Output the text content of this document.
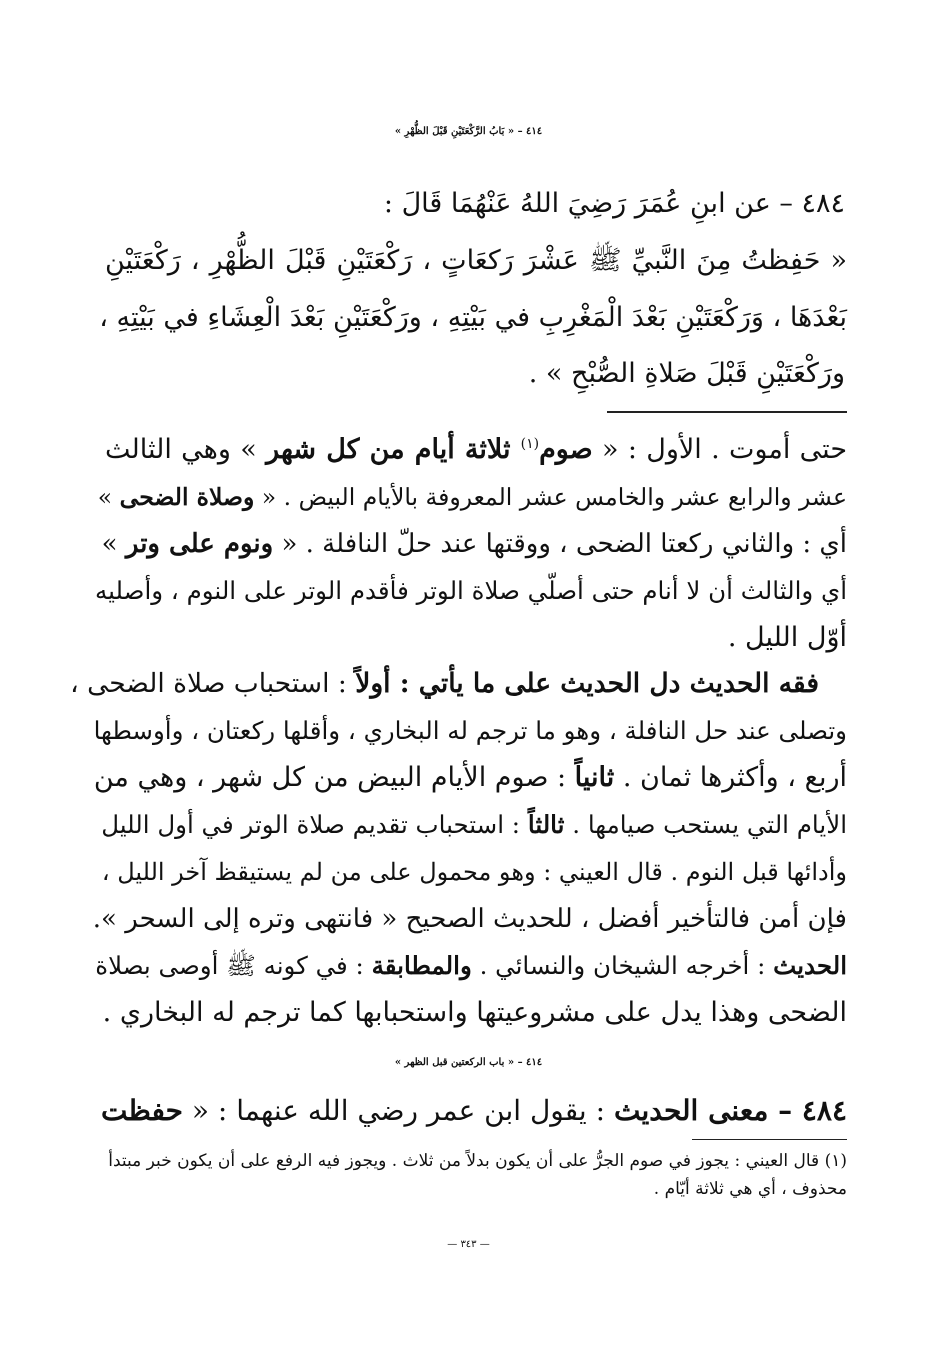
٤١٤ – « بَابُ الرَّكْعَتَيْنِ قَبْلَ الظُّهْرِ »
٤٨٤ – عن ابنِ عُمَرَ رَضِيَ اللهُ عَنْهُمَا قَالَ :
« حَفِظتُ مِنَ النَّبيِّ ﷺ عَشْرَ رَكعَاتٍ ، رَكْعَتَيْنِ قَبْلَ الظُّهْرِ ، رَكْعَتَيْنِ
بَعْدَهَا ، وَرَكْعَتَيْنِ بَعْدَ الْمَغْرِبِ في بَيْتِهِ ، ورَكْعَتَيْنِ بَعْدَ الْعِشَاءِ في بَيْتِهِ ،
ورَكْعَتَيْنِ قَبْلَ صَلاةِ الصُّبْحِ » .
حتى أموت . الأول : « صوم$^{(١)}$ ثلاثة أيام من كل شهر » وهي الثالث
عشر والرابع عشر والخامس عشر المعروفة بالأيام البيض . « وصلاة الضحى »
أي : والثاني ركعتا الضحى ، ووقتها عند حلّ النافلة . « ونوم على وتر »
أي والثالث أن لا أنام حتى أصلّي صلاة الوتر فأقدم الوتر على النوم ، وأصليه
أوّل الليل .
فقه الحديث دل الحديث على ما يأتي : أولاً : استحباب صلاة الضحى ،
وتصلى عند حل النافلة ، وهو ما ترجم له البخاري ، وأقلها ركعتان ، وأوسطها
أربع ، وأكثرها ثمان . ثانياً : صوم الأيام البيض من كل شهر ، وهي من
الأيام التي يستحب صيامها . ثالثاً : استحباب تقديم صلاة الوتر في أول الليل
وأدائها قبل النوم . قال العيني : وهو محمول على من لم يستيقظ آخر الليل ،
فإن أمن فالتأخير أفضل ، للحديث الصحيح « فانتهى وتره إلى السحر ».
الحديث : أخرجه الشيخان والنسائي . والمطابقة : في كونه ﷺ أوصى بصلاة
الضحى وهذا يدل على مشروعيتها واستحبابها كما ترجم له البخاري .
٤١٤ – « باب الركعتين قبل الظهر »
٤٨٤ – معنى الحديث : يقول ابن عمر رضي الله عنهما : « حفظت
(١) قال العيني : يجوز في صوم الجرُّ على أن يكون بدلاً من ثلاث . ويجوز فيه الرفع على أن يكون خبر مبتدأ
محذوف ، أي هي ثلاثة أيّام .
— ٣٤٣ —
